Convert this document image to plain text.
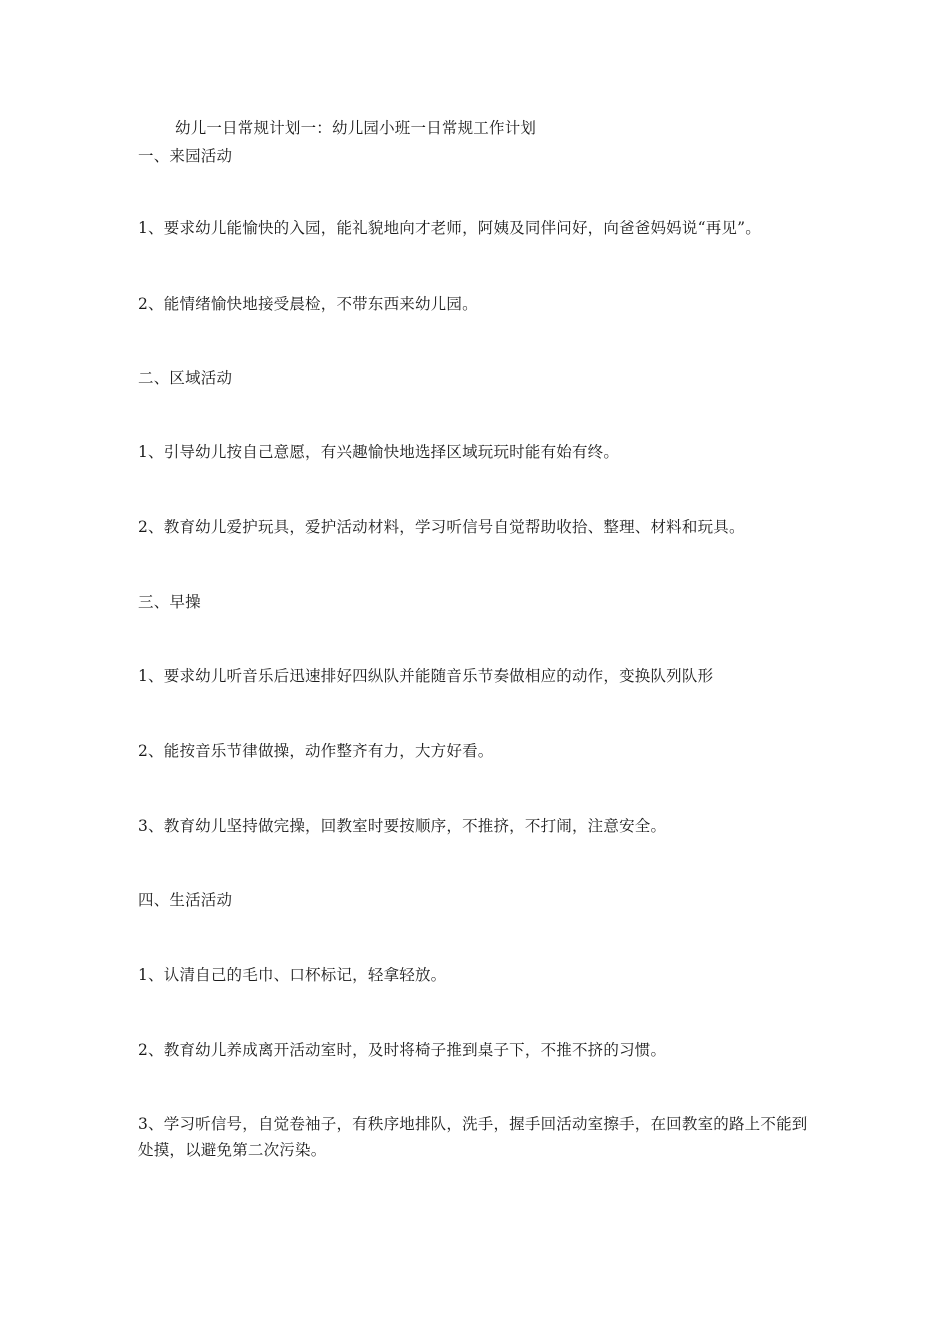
幼儿一日常规计划一：幼儿园小班一日常规工作计划
一、来园活动
1、要求幼儿能愉快的入园，能礼貌地向才老师，阿姨及同伴问好，向爸爸妈妈说“再见”。
2、能情绪愉快地接受晨检，不带东西来幼儿园。
二、区域活动
1、引导幼儿按自己意愿，有兴趣愉快地选择区域玩玩时能有始有终。
2、教育幼儿爱护玩具，爱护活动材料，学习听信号自觉帮助收拾、整理、材料和玩具。
三、早操
1、要求幼儿听音乐后迅速排好四纵队并能随音乐节奏做相应的动作，变换队列队形
2、能按音乐节律做操，动作整齐有力，大方好看。
3、教育幼儿坚持做完操，回教室时要按顺序，不推挤，不打闹，注意安全。
四、生活活动
1、认清自己的毛巾、口杯标记，轻拿轻放。
2、教育幼儿养成离开活动室时，及时将椅子推到桌子下，不推不挤的习惯。
3、学习听信号，自觉卷袖子，有秩序地排队，洗手，握手回活动室擦手，在回教室的路上不能到处摸，以避免第二次污染。
